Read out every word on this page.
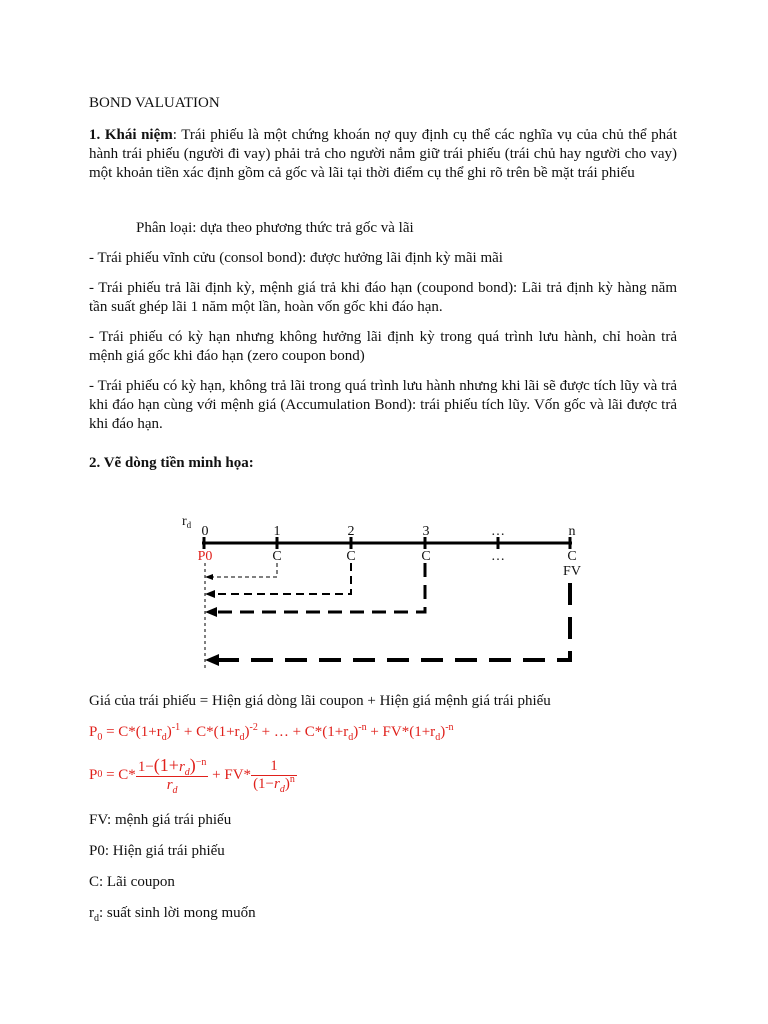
BOND VALUATION
1. Khái niệm: Trái phiếu là một chứng khoán nợ quy định cụ thể các nghĩa vụ của chủ thể phát hành trái phiếu (người đi vay) phải trả cho người nắm giữ trái phiếu (trái chủ hay người cho vay) một khoản tiền xác định gồm cả gốc và lãi tại thời điểm cụ thể ghi rõ trên bề mặt trái phiếu
Phân loại: dựa theo phương thức trả gốc và lãi
- Trái phiếu vĩnh cửu (consol bond): được hưởng lãi định kỳ mãi mãi
- Trái phiếu trả lãi định kỳ, mệnh giá trả khi đáo hạn (coupond bond): Lãi trả định kỳ hàng năm tần suất ghép lãi 1 năm một lần, hoàn vốn gốc khi đáo hạn.
- Trái phiếu có kỳ hạn nhưng không hưởng lãi định kỳ trong quá trình lưu hành, chỉ hoàn trả mệnh giá gốc khi đáo hạn (zero coupon bond)
- Trái phiếu có kỳ hạn, không trả lãi trong quá trình lưu hành nhưng khi lãi sẽ được tích lũy và trả khi đáo hạn cùng với mệnh giá (Accumulation Bond): trái phiếu tích lũy. Vốn gốc và lãi được trả khi đáo hạn.
2. Vẽ dòng tiền minh họa:
$r_d$ 0	1	2	3	…	n
P0	C	C	C	…	C
FV
Giá của trái phiếu = Hiện giá dòng lãi coupon + Hiện giá mệnh giá trái phiếu
$P_0 = C*(1+r_d)^{-1} + C*(1+r_d)^{-2}$ + … + $C*(1+r_d)^{-n} + FV*(1+r_d)^{-n}$
P $0 = C* \frac{1-(1+r_d)^{-n}}{r_d} + FV* \frac{1}{(1-r_d)^n}$
FV: mệnh giá trái phiếu
P0: Hiện giá trái phiếu
C: Lãi coupon
$r_d$: suất sinh lời mong muốn
